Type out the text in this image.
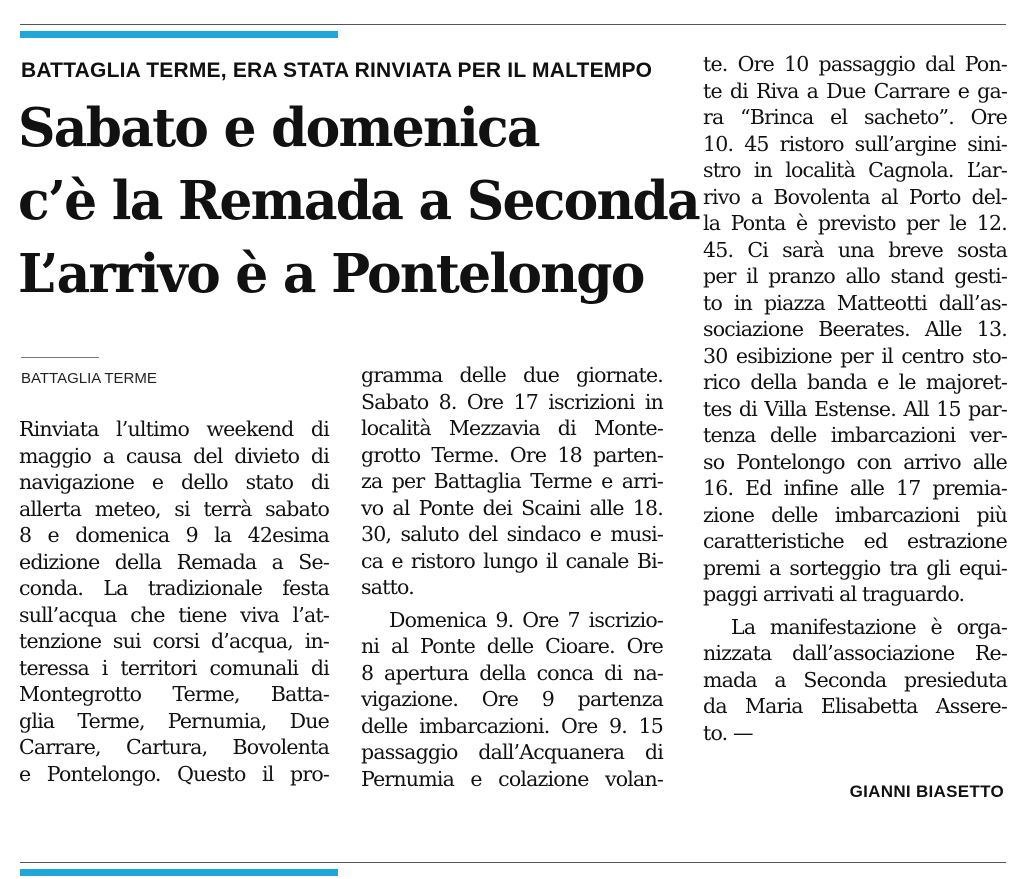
BATTAGLIA TERME, ERA STATA RINVIATA PER IL MALTEMPO
Sabato e domenica
c’è la Remada a Seconda
L’arrivo è a Pontelongo
BATTAGLIA TERME
Rinviata l’ultimo weekend di
maggio a causa del divieto di
navigazione e dello stato di
allerta meteo, si terrà sabato
8 e domenica 9 la 42esima
edizione della Remada a Se-
conda. La tradizionale festa
sull’acqua che tiene viva l’at-
tenzione sui corsi d’acqua, in-
teressa i territori comunali di
Montegrotto Terme, Batta-
glia Terme, Pernumia, Due
Carrare, Cartura, Bovolenta
e Pontelongo. Questo il pro-
gramma delle due giornate.
Sabato 8. Ore 17 iscrizioni in
località Mezzavia di Monte-
grotto Terme. Ore 18 parten-
za per Battaglia Terme e arri-
vo al Ponte dei Scaini alle 18.
30, saluto del sindaco e musi-
ca e ristoro lungo il canale Bi-
satto.
Domenica 9. Ore 7 iscrizio-
ni al Ponte delle Cioare. Ore
8 apertura della conca di na-
vigazione. Ore 9 partenza
delle imbarcazioni. Ore 9. 15
passaggio dall’Acquanera di
Pernumia e colazione volan-
te. Ore 10 passaggio dal Pon-
te di Riva a Due Carrare e ga-
ra “Brinca el sacheto”. Ore
10. 45 ristoro sull’argine sini-
stro in località Cagnola. L’ar-
rivo a Bovolenta al Porto del-
la Ponta è previsto per le 12.
45. Ci sarà una breve sosta
per il pranzo allo stand gesti-
to in piazza Matteotti dall’as-
sociazione Beerates. Alle 13.
30 esibizione per il centro sto-
rico della banda e le majoret-
tes di Villa Estense. All 15 par-
tenza delle imbarcazioni ver-
so Pontelongo con arrivo alle
16. Ed infine alle 17 premia-
zione delle imbarcazioni più
caratteristiche ed estrazione
premi a sorteggio tra gli equi-
paggi arrivati al traguardo.
La manifestazione è orga-
nizzata dall’associazione Re-
mada a Seconda presieduta
da Maria Elisabetta Assere-
to. —
GIANNI BIASETTO
